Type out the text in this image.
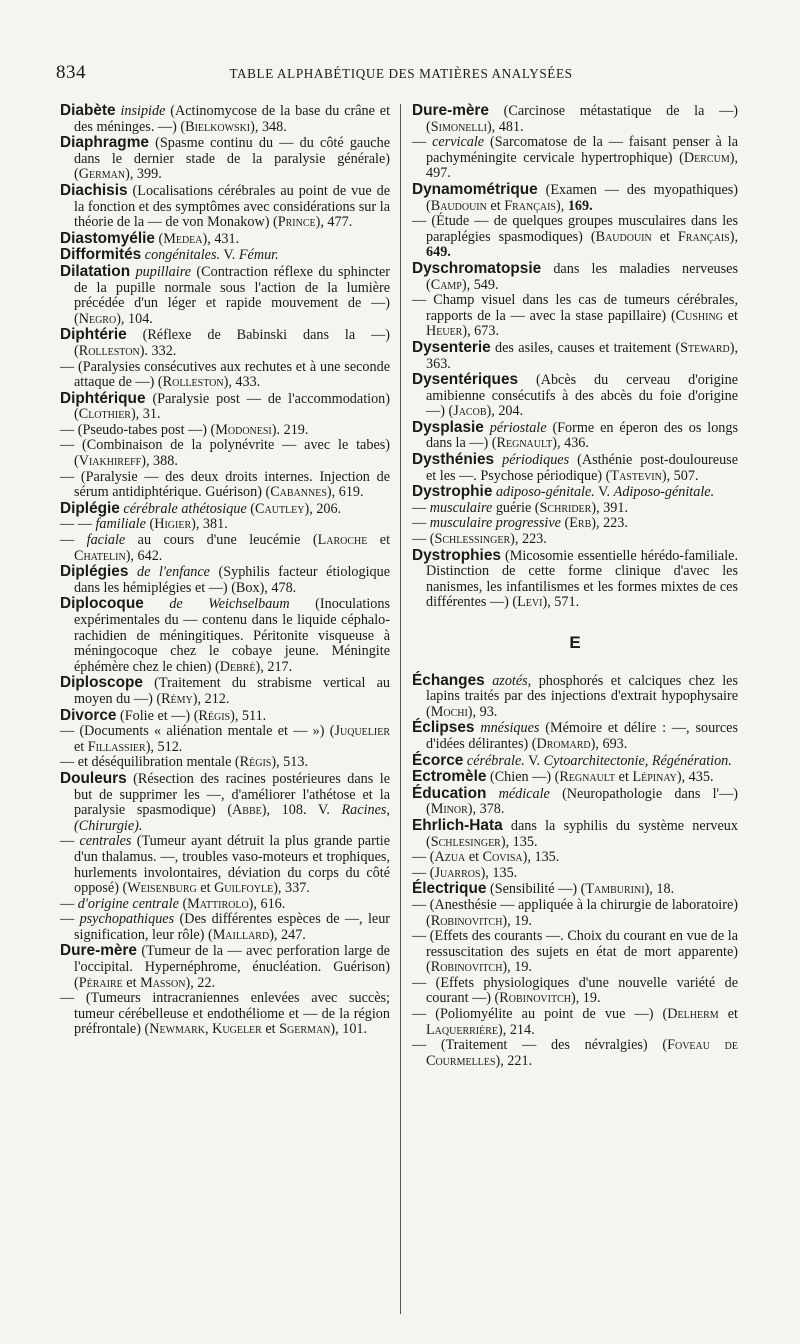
834	TABLE ALPHABÉTIQUE DES MATIÈRES ANALYSÉES

Diabète insipide (Actinomycose de la base du crâne et des méninges. —) (Bielkowski), 348.

Diaphragme (Spasme continu du — du côté gauche dans le dernier stade de la paralysie générale) (German), 399.

Diachisis (Localisations cérébrales au point de vue de la fonction et des symptômes avec considérations sur la théorie de la — de von Monakow) (Prince), 477.

Diastomyélie (Medea), 431.

Difformités congénitales. V. Fémur.

Dilatation pupillaire (Contraction réflexe du sphincter de la pupille normale sous l'action de la lumière précédée d'un léger et rapide mouvement de —) (Negro), 104.

Diphtérie (Réflexe de Babinski dans la —) (Rolleston). 332.

— (Paralysies consécutives aux rechutes et à une seconde attaque de —) (Rolleston), 433.

Diphtérique (Paralysie post — de l'accommodation) (Clothier), 31.

— (Pseudo-tabes post —) (Modonesi). 219.

— (Combinaison de la polynévrite — avec le tabes) (Viakhireff), 388.

— (Paralysie — des deux droits internes. Injection de sérum antidiphtérique. Guérison) (Cabannes), 619.

Diplégie cérébrale athétosique (Cautley), 206.

— — familiale (Higier), 381.

— faciale au cours d'une leucémie (Laroche et Chatelin), 642.

Diplégies de l'enfance (Syphilis facteur étiologique dans les hémiplégies et —) (Box), 478.

Diplocoque de Weichselbaum (Inoculations expérimentales du — contenu dans le liquide céphalo-rachidien de méningitiques. Péritonite visqueuse à méningocoque chez le cobaye jeune. Méningite éphémère chez le chien) (Debré), 217.

Diploscope (Traitement du strabisme vertical au moyen du —) (Rémy), 212.

Divorce (Folie et —) (Régis), 511.

— (Documents « aliénation mentale et — ») (Juquelier et Fillassier), 512.

— et déséquilibration mentale (Régis), 513.

Douleurs (Résection des racines postérieures dans le but de supprimer les —, d'améliorer l'athétose et la paralysie spasmodique) (Abbe), 108. V. Racines, (Chirurgie).

— centrales (Tumeur ayant détruit la plus grande partie d'un thalamus. —, troubles vaso-moteurs et trophiques, hurlements involontaires, déviation du corps du côté opposé) (Weisenburg et Guilfoyle), 337.

— d'origine centrale (Mattirolo), 616.

— psychopathiques (Des différentes espèces de —, leur signification, leur rôle) (Maillard), 247.

Dure-mère (Tumeur de la — avec perforation large de l'occipital. Hypernéphrome, énucléation. Guérison) (Péraire et Masson), 22.

— (Tumeurs intracraniennes enlevées avec succès; tumeur cérébelleuse et endothéliome et — de la région préfrontale) (Newmark, Kugeler et Sgerman), 101.

Dure-mère (Carcinose métastatique de la —) (Simonelli), 481.

— cervicale (Sarcomatose de la — faisant penser à la pachyméningite cervicale hypertrophique) (Dercum), 497.

Dynamométrique (Examen — des myopathiques) (Baudouin et Français), 169.

— (Étude — de quelques groupes musculaires dans les paraplégies spasmodiques) (Baudouin et Français), 649.

Dyschromatopsie dans les maladies nerveuses (Camp), 549.

— Champ visuel dans les cas de tumeurs cérébrales, rapports de la — avec la stase papillaire) (Cushing et Heuer), 673.

Dysenterie des asiles, causes et traitement (Steward), 363.

Dysentériques (Abcès du cerveau d'origine amibienne consécutifs à des abcès du foie d'origine —) (Jacob), 204.

Dysplasie périostale (Forme en éperon des os longs dans la —) (Regnault), 436.

Dysthénies périodiques (Asthénie post-douloureuse et les —. Psychose périodique) (Tastevin), 507.

Dystrophie adiposo-génitale. V. Adiposo-génitale.

— musculaire guérie (Schrider), 391.

— musculaire progressive (Erb), 223.

— (Schlessinger), 223.

Dystrophies (Micosomie essentielle hérédo-familiale. Distinction de cette forme clinique d'avec les nanismes, les infantilismes et les formes mixtes de ces différentes —) (Levi), 571.

E

Échanges azotés, phosphorés et calciques chez les lapins traités par des injections d'extrait hypophysaire (Mochi), 93.

Éclipses mnésiques (Mémoire et délire : —, sources d'idées délirantes) (Dromard), 693.

Écorce cérébrale. V. Cytoarchitectonie, Régénération.

Ectromèle (Chien —) (Regnault et Lépinay), 435.

Éducation médicale (Neuropathologie dans l'—) (Minor), 378.

Ehrlich-Hata dans la syphilis du système nerveux (Schlesinger), 135.

— (Azua et Covisa), 135.

— (Juarros), 135.

Électrique (Sensibilité —) (Tamburini), 18.

— (Anesthésie — appliquée à la chirurgie de laboratoire) (Robinovitch), 19.

— (Effets des courants —. Choix du courant en vue de la ressuscitation des sujets en état de mort apparente) (Robinovitch), 19.

— (Effets physiologiques d'une nouvelle variété de courant —) (Robinovitch), 19.

— (Poliomyélite au point de vue —) (Delherm et Laquerrière), 214.

— (Traitement — des névralgies) (Foveau de Courmelles), 221.
